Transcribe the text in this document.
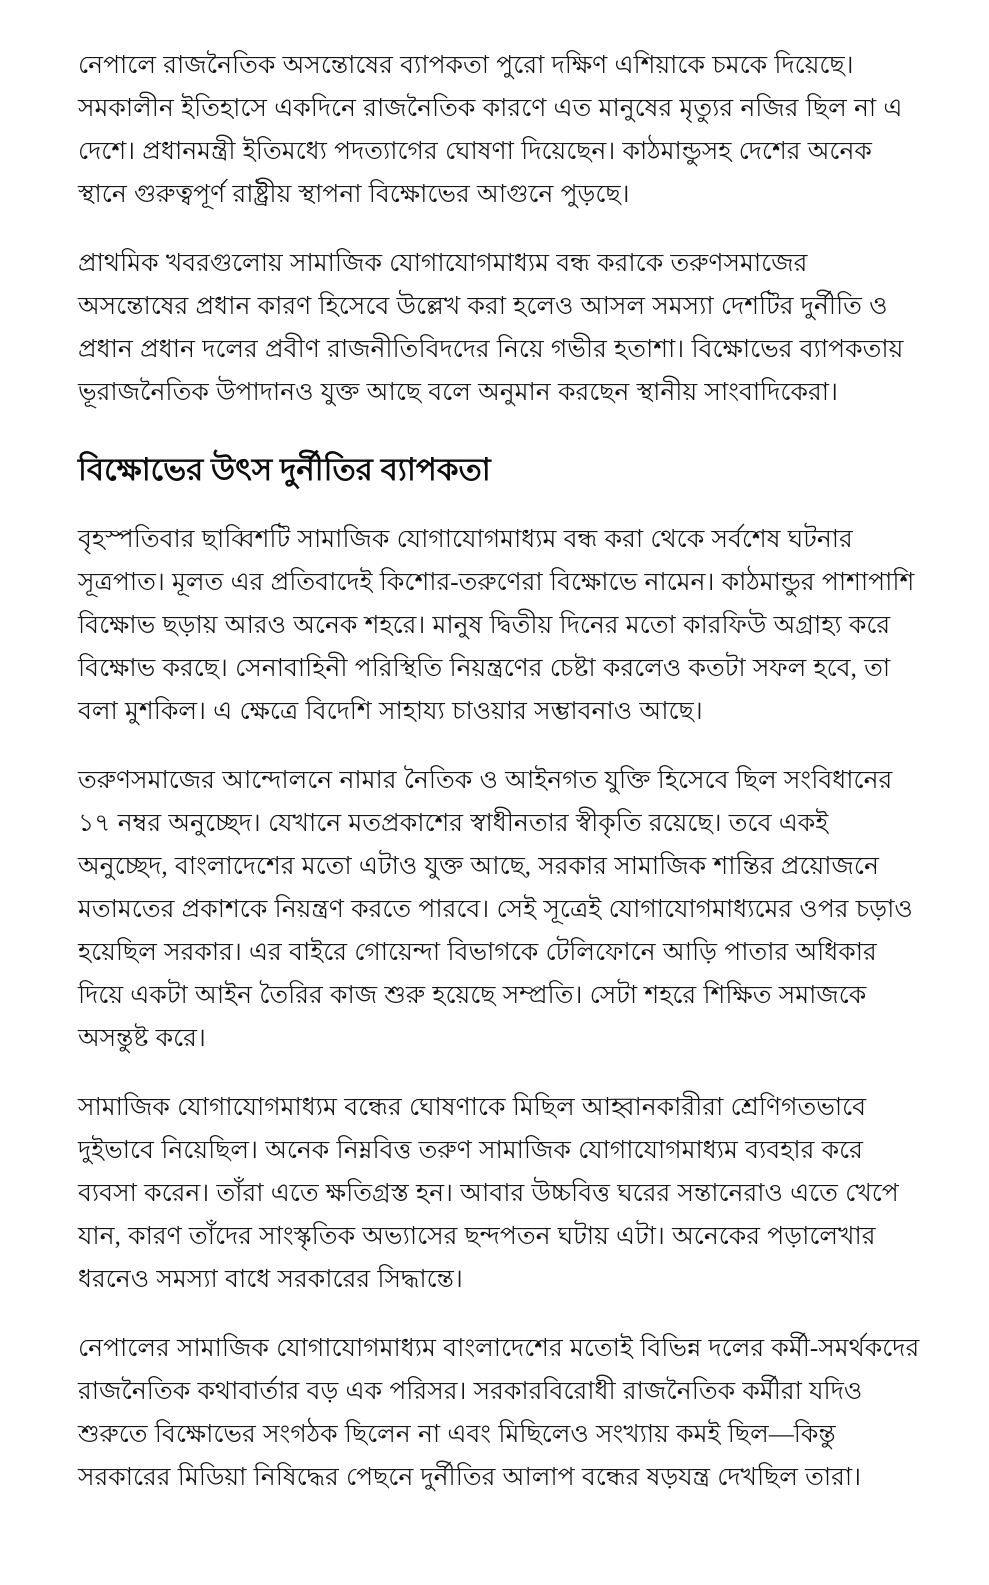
নেপালে রাজনৈতিক অসন্তোষের ব্যাপকতা পুরো দক্ষিণ এশিয়াকে চমকে দিয়েছে। সমকালীন ইতিহাসে একদিনে রাজনৈতিক কারণে এত মানুষের মৃত্যুর নজির ছিল না এ দেশে। প্রধানমন্ত্রী ইতিমধ্যে পদত্যাগের ঘোষণা দিয়েছেন। কাঠমান্ডুসহ দেশের অনেক স্থানে গুরুত্বপূর্ণ রাষ্ট্রীয় স্থাপনা বিক্ষোভের আগুনে পুড়ছে।

প্রাথমিক খবরগুলোয় সামাজিক যোগাযোগমাধ্যম বন্ধ করাকে তরুণসমাজের অসন্তোষের প্রধান কারণ হিসেবে উল্লেখ করা হলেও আসল সমস্যা দেশটির দুর্নীতি ও প্রধান প্রধান দলের প্রবীণ রাজনীতিবিদদের নিয়ে গভীর হতাশা। বিক্ষোভের ব্যাপকতায় ভূরাজনৈতিক উপাদানও যুক্ত আছে বলে অনুমান করছেন স্থানীয় সাংবাদিকেরা।

বিক্ষোভের উৎস দুর্নীতির ব্যাপকতা

বৃহস্পতিবার ছাব্বিশটি সামাজিক যোগাযোগমাধ্যম বন্ধ করা থেকে সর্বশেষ ঘটনার সূত্রপাত। মূলত এর প্রতিবাদেই কিশোর-তরুণেরা বিক্ষোভে নামেন। কাঠমান্ডুর পাশাপাশি বিক্ষোভ ছড়ায় আরও অনেক শহরে। মানুষ দ্বিতীয় দিনের মতো কারফিউ অগ্রাহ্য করে বিক্ষোভ করছে। সেনাবাহিনী পরিস্থিতি নিয়ন্ত্রণের চেষ্টা করলেও কতটা সফল হবে, তা বলা মুশকিল। এ ক্ষেত্রে বিদেশি সাহায্য চাওয়ার সম্ভাবনাও আছে।

তরুণসমাজের আন্দোলনে নামার নৈতিক ও আইনগত যুক্তি হিসেবে ছিল সংবিধানের ১৭ নম্বর অনুচ্ছেদ। যেখানে মতপ্রকাশের স্বাধীনতার স্বীকৃতি রয়েছে। তবে একই অনুচ্ছেদ, বাংলাদেশের মতো এটাও যুক্ত আছে, সরকার সামাজিক শান্তির প্রয়োজনে মতামতের প্রকাশকে নিয়ন্ত্রণ করতে পারবে। সেই সূত্রেই যোগাযোগমাধ্যমের ওপর চড়াও হয়েছিল সরকার। এর বাইরে গোয়েন্দা বিভাগকে টেলিফোনে আড়ি পাতার অধিকার দিয়ে একটা আইন তৈরির কাজ শুরু হয়েছে সম্প্রতি। সেটা শহরে শিক্ষিত সমাজকে অসন্তুষ্ট করে।

সামাজিক যোগাযোগমাধ্যম বন্ধের ঘোষণাকে মিছিল আহ্বানকারীরা শ্রেণিগতভাবে দুইভাবে নিয়েছিল। অনেক নিম্নবিত্ত তরুণ সামাজিক যোগাযোগমাধ্যম ব্যবহার করে ব্যবসা করেন। তাঁরা এতে ক্ষতিগ্রস্ত হন। আবার উচ্চবিত্ত ঘরের সন্তানেরাও এতে খেপে যান, কারণ তাঁদের সাংস্কৃতিক অভ্যাসের ছন্দপতন ঘটায় এটা। অনেকের পড়ালেখার ধরনেও সমস্যা বাধে সরকারের সিদ্ধান্তে।

নেপালের সামাজিক যোগাযোগমাধ্যম বাংলাদেশের মতোই বিভিন্ন দলের কর্মী-সমর্থকদের রাজনৈতিক কথাবার্তার বড় এক পরিসর। সরকারবিরোধী রাজনৈতিক কর্মীরা যদিও শুরুতে বিক্ষোভের সংগঠক ছিলেন না এবং মিছিলেও সংখ্যায় কমই ছিল—কিন্তু সরকারের মিডিয়া নিষিদ্ধের পেছনে দুর্নীতির আলাপ বন্ধের ষড়যন্ত্র দেখছিল তারা।
